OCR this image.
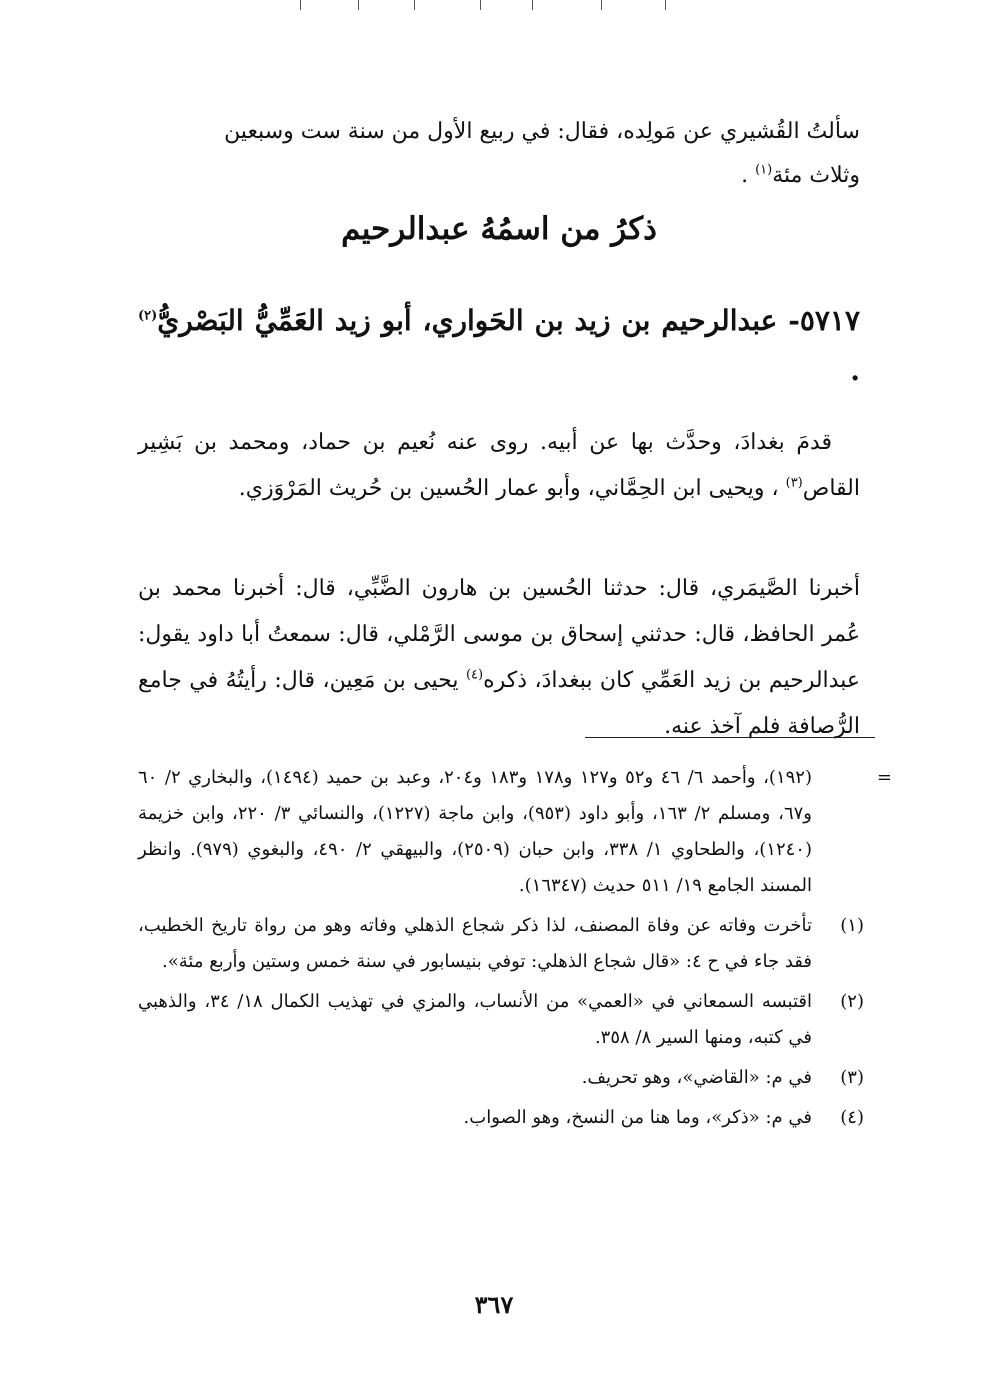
سألتُ القُشيري عن مَولِده، فقال: في ربيع الأول من سنة ست وسبعين
وثلاث مئة$^{(١)}$ .
ذكرُ من اسمُهُ عبدالرحيم
٥٧١٧- عبدالرحيم بن زيد بن الحَواري، أبو زيد العَمِّيُّ البَصْريُّ$^{(٢)}$ .
قدمَ بغدادَ، وحدَّث بها عن أبيه. روى عنه نُعيم بن حماد، ومحمد بن بَشِير القاص$^{(٣)}$ ، ويحيى ابن الحِمَّاني، وأبو عمار الحُسين بن حُريث المَرْوَزي.
أخبرنا الصَّيمَري، قال: حدثنا الحُسين بن هارون الضَّبِّي، قال: أخبرنا محمد بن عُمر الحافظ، قال: حدثني إسحاق بن موسى الرَّمْلي، قال: سمعتُ أبا داود يقول: عبدالرحيم بن زيد العَمِّي كان ببغدادَ، ذكره$^{(٤)}$ يحيى بن مَعِين، قال: رأيتُهُ في جامع الرُّصافة فلم آخذ عنه.
=
(١٩٢)، وأحمد ٦/ ٤٦ و٥٢ و١٢٧ و١٧٨ و١٨٣ و٢٠٤، وعبد بن حميد (١٤٩٤)، والبخاري ٢/ ٦٠ و٦٧، ومسلم ٢/ ١٦٣، وأبو داود (٩٥٣)، وابن ماجة (١٢٢٧)، والنسائي ٣/ ٢٢٠، وابن خزيمة (١٢٤٠)، والطحاوي ١/ ٣٣٨، وابن حبان (٢٥٠٩)، والبيهقي ٢/ ٤٩٠، والبغوي (٩٧٩). وانظر المسند الجامع ١٩/ ٥١١ حديث (١٦٣٤٧).
(١)
تأخرت وفاته عن وفاة المصنف، لذا ذكر شجاع الذهلي وفاته وهو من رواة تاريخ الخطيب، فقد جاء في ح ٤: «قال شجاع الذهلي: توفي بنيسابور في سنة خمس وستين وأربع مئة».
(٢)
اقتبسه السمعاني في «العمي» من الأنساب، والمزي في تهذيب الكمال ١٨/ ٣٤، والذهبي في كتبه، ومنها السير ٨/ ٣٥٨.
(٣)
في م: «القاضي»، وهو تحريف.
(٤)
في م: «ذكر»، وما هنا من النسخ، وهو الصواب.
٣٦٧
